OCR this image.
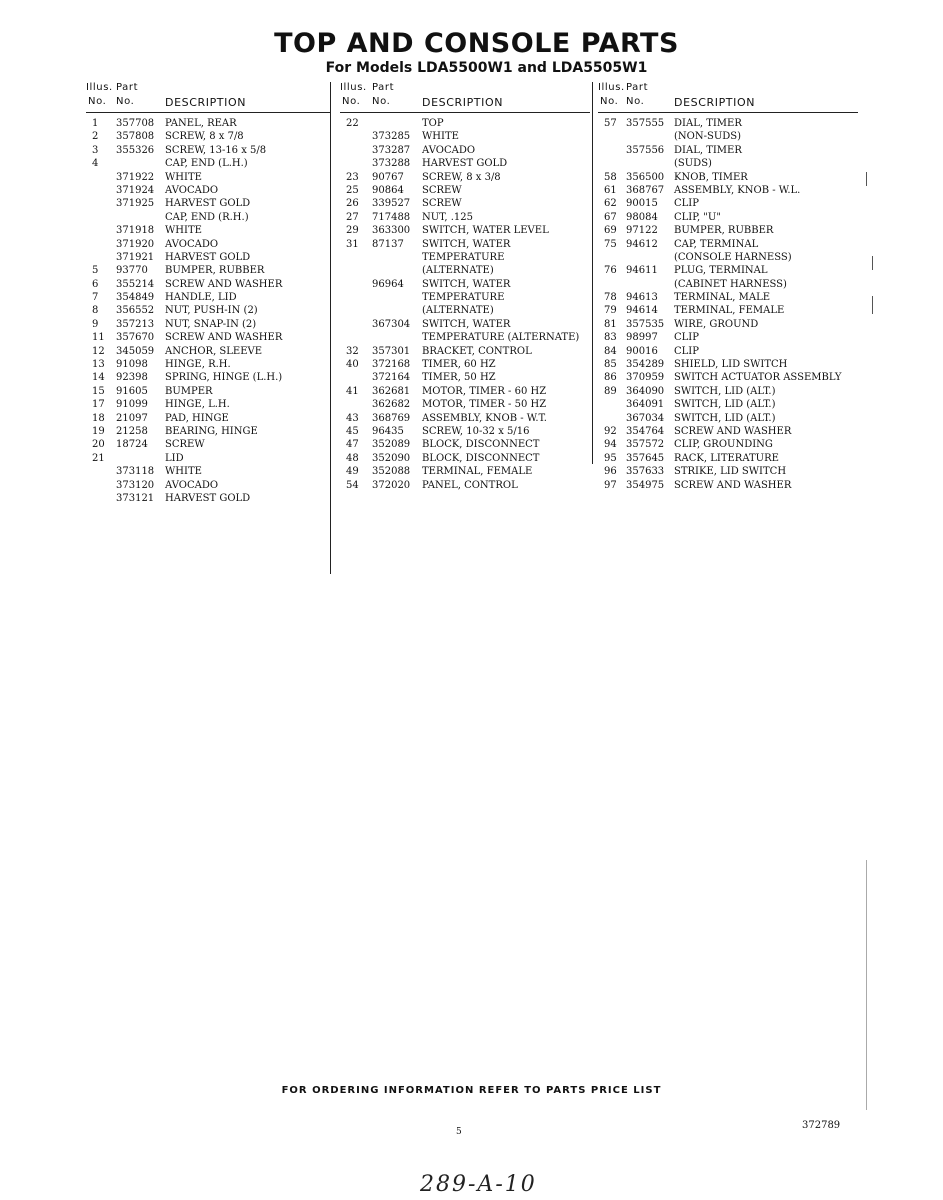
TOP AND CONSOLE PARTS
For Models LDA5500W1 and LDA5505W1
Illus.
No.
Part
No.	DESCRIPTION
1 357708 PANEL, REAR
2 357808 SCREW, 8 x 7/8
3 355326 SCREW, 13-16 x 5/8
4	CAP, END (L.H.)
371922 WHITE
371924 AVOCADO
371925 HARVEST GOLD
CAP, END (R.H.)
371918 WHITE
371920 AVOCADO
371921 HARVEST GOLD
5 93770 BUMPER, RUBBER
6 355214 SCREW AND WASHER
7 354849 HANDLE, LID
8 356552 NUT, PUSH-IN (2)
9 357213 NUT, SNAP-IN (2)
11 357670 SCREW AND WASHER
12 345059 ANCHOR, SLEEVE
13 91098 HINGE, R.H.
14 92398 SPRING, HINGE (L.H.)
15 91605 BUMPER
17 91099 HINGE, L.H.
18 21097 PAD, HINGE
19 21258 BEARING, HINGE
20 18724 SCREW
21	LID
373118 WHITE
373120 AVOCADO
373121 HARVEST GOLD
Illus.
No.
Part
No.	DESCRIPTION
22	TOP
373285 WHITE
373287 AVOCADO
373288 HARVEST GOLD
23 90767 SCREW, 8 x 3/8
25 90864 SCREW
26 339527 SCREW
27 717488 NUT, .125
29 363300 SWITCH, WATER LEVEL
31 87137 SWITCH, WATER
TEMPERATURE
(ALTERNATE)
96964 SWITCH, WATER
TEMPERATURE
(ALTERNATE)
367304 SWITCH, WATER
TEMPERATURE (ALTERNATE)
32 357301 BRACKET, CONTROL
40 372168 TIMER, 60 HZ
372164 TIMER, 50 HZ
41 362681 MOTOR, TIMER - 60 HZ
362682 MOTOR, TIMER - 50 HZ
43 368769 ASSEMBLY, KNOB - W.T.
45 96435 SCREW, 10-32 x 5/16
47 352089 BLOCK, DISCONNECT
48 352090 BLOCK, DISCONNECT
49 352088 TERMINAL, FEMALE
54 372020 PANEL, CONTROL
Illus.
No.
Part
No.	DESCRIPTION
57 357555 DIAL, TIMER
(NON-SUDS)
357556 DIAL, TIMER
(SUDS)
58 356500 KNOB, TIMER
61 368767 ASSEMBLY, KNOB - W.L.
62 90015 CLIP
67 98084 CLIP, "U"
69 97122 BUMPER, RUBBER
75 94612 CAP, TERMINAL
(CONSOLE HARNESS)
76 94611 PLUG, TERMINAL
(CABINET HARNESS)
78 94613 TERMINAL, MALE
79 94614 TERMINAL, FEMALE
81 357535 WIRE, GROUND
83 98997 CLIP
84 90016 CLIP
85 354289 SHIELD, LID SWITCH
86 370959 SWITCH ACTUATOR ASSEMBLY
89 364090 SWITCH, LID (ALT.)
364091 SWITCH, LID (ALT.)
367034 SWITCH, LID (ALT.)
92 354764 SCREW AND WASHER
94 357572 CLIP, GROUNDING
95 357645 RACK, LITERATURE
96 357633 STRIKE, LID SWITCH
97 354975 SCREW AND WASHER
FOR ORDERING INFORMATION REFER TO PARTS PRICE LIST
5
372789
289-A-10
